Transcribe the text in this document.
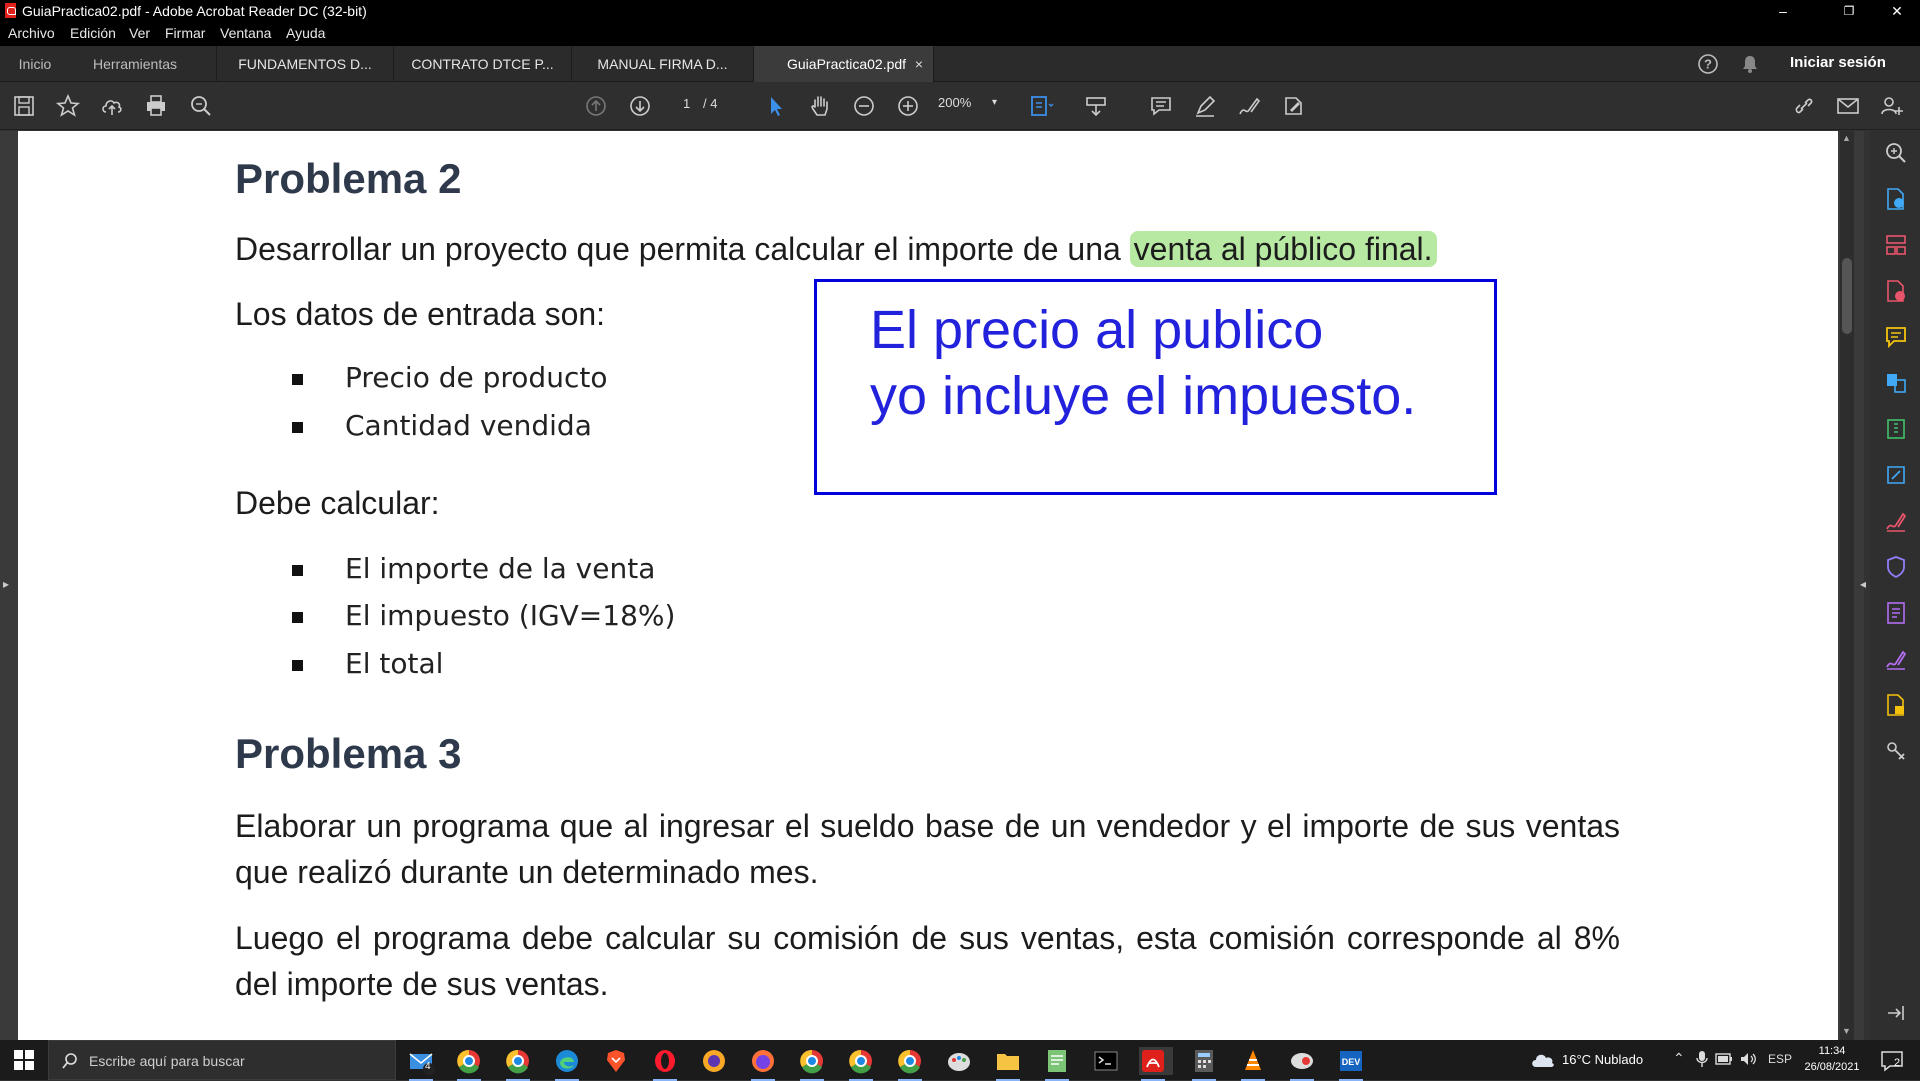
GuiaPractica02.pdf - Adobe Acrobat Reader DC (32-bit)	–	❐	✕
Archivo Edición Ver Firmar Ventana Ayuda
Inicio	Herramientas	FUNDAMENTOS D...	CONTRATO DTCE P...	MANUAL FIRMA D...	GuiaPractica02.pdf ×	?	Iniciar sesión
1 / 4	200% ▾
▸
Problema 2
Desarrollar un proyecto que permita calcular el importe de una venta al público final.
Los datos de entrada son:
Precio de producto
Cantidad vendida
Debe calcular:
El importe de la venta
El impuesto (IGV=18%)
El total
El precio al publico
yo incluye el impuesto.
Problema 3
Elaborar un programa que al ingresar el sueldo base de un vendedor y el importe de sus ventas que realizó durante un determinado mes.
Luego el programa debe calcular su comisión de sus ventas, esta comisión corresponde al 8% del importe de sus ventas.
▲
▼
◂
Escribe aquí para buscar	4	DEV	16°C Nublado ⌃	ESP
11:34
26/08/2021	2
